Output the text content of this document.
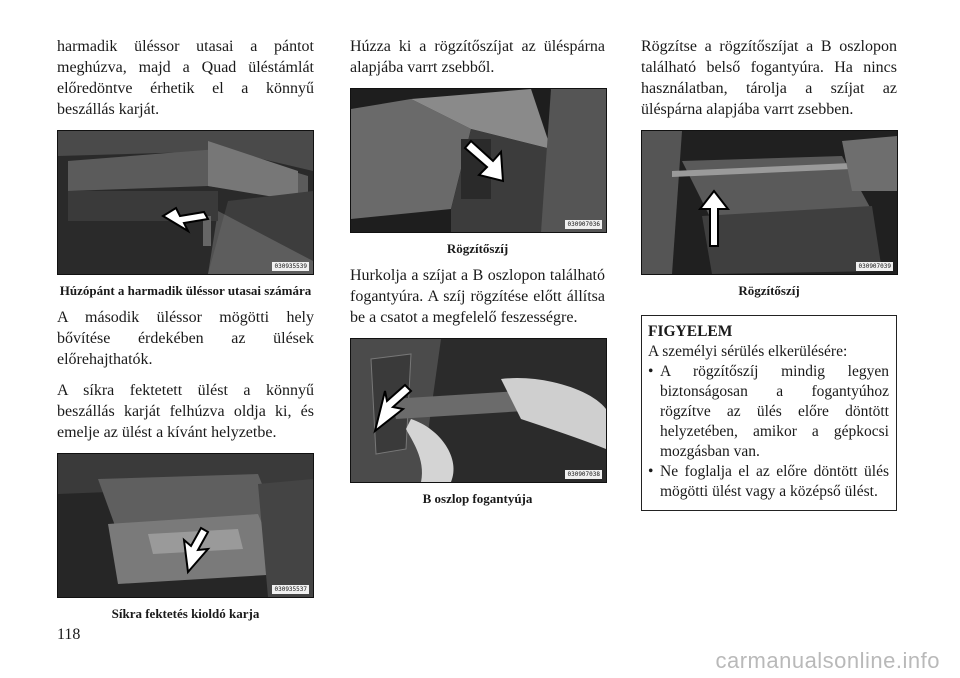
harmadik üléssor utasai a pántot meghúzva, majd a Quad üléstámlát előredöntve érhetik el a könnyű beszállás karját.

030935539

Húzópánt a harmadik üléssor utasai számára

A második üléssor mögötti hely bővítése érdekében az ülések előrehajthatók.

A síkra fektetett ülést a könnyű beszállás karját felhúzva oldja ki, és emelje az ülést a kívánt helyzetbe.

030935537

Síkra fektetés kioldó karja

Húzza ki a rögzítőszíjat az üléspárna alapjába varrt zsebből.

030907036

Rögzítőszíj

Hurkolja a szíjat a B oszlopon található fogantyúra. A szíj rögzítése előtt állítsa be a csatot a megfelelő feszességre.

030907038

B oszlop fogantyúja

Rögzítse a rögzítőszíjat a B oszlopon található belső fogantyúra. Ha nincs használatban, tárolja a szíjat az üléspárna alapjába varrt zsebben.

030907039

Rögzítőszíj

FIGYELEM
A személyi sérülés elkerülésére:
• A rögzítőszíj mindig legyen biztonságosan a fogantyúhoz rögzítve az ülés előre döntött helyzetében, amikor a gépkocsi mozgásban van.
• Ne foglalja el az előre döntött ülés mögötti ülést vagy a középső ülést.
118
carmanualsonline.info
